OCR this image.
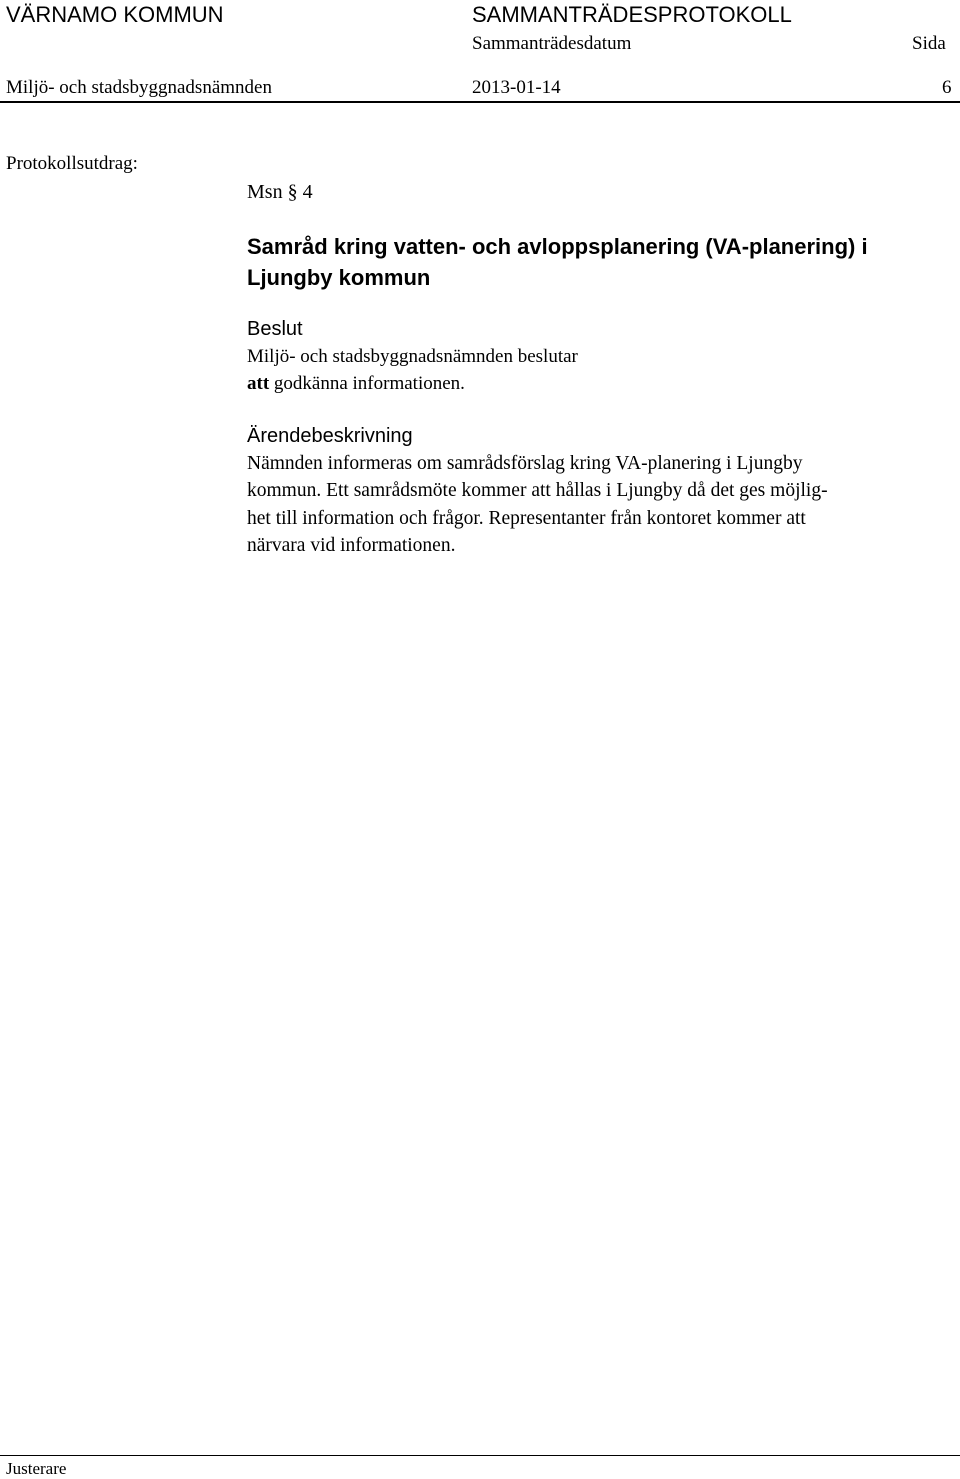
VÄRNAMO KOMMUN	SAMMANTRÄDESPROTOKOLL
Sammanträdesdatum	Sida
Miljö- och stadsbyggnadsnämnden	2013-01-14	6
Protokollsutdrag:
Msn § 4
Samråd kring vatten- och avloppsplanering (VA-planering) i Ljungby kommun
Beslut
Miljö- och stadsbyggnadsnämnden beslutar
att godkänna informationen.
Ärendebeskrivning
Nämnden informeras om samrådsförslag kring VA-planering i Ljungby
kommun. Ett samrådsmöte kommer att hållas i Ljungby då det ges möjlig-
het till information och frågor. Representanter från kontoret kommer att
närvara vid informationen.
Justerare
